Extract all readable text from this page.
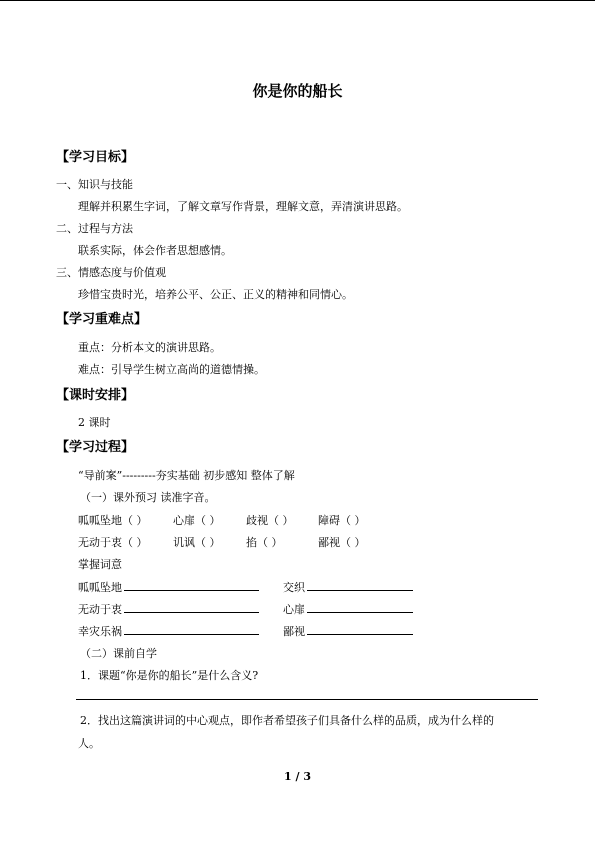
你是你的船长
【学习目标】
一、知识与技能
理解并积累生字词，了解文章写作背景，理解文意，弄清演讲思路。
二、过程与方法
联系实际，体会作者思想感情。
三、情感态度与价值观
珍惜宝贵时光，培养公平、公正、正义的精神和同情心。
【学习重难点】
重点：分析本文的演讲思路。
难点：引导学生树立高尚的道德情操。
【课时安排】
2 课时
【学习过程】
“导前案”---------夯实基础 初步感知 整体了解
（一）课外预习 读准字音。
呱呱坠地（ ） 心扉（ ） 歧视（ ） 障碍（ ）
无动于衷（ ） 讥讽（ ） 掐（ ）	鄙视（ ）
掌握词意
呱呱坠地	交织
无动于衷	心扉
幸灾乐祸	鄙视
（二）课前自学
1．课题“你是你的船长”是什么含义?
2．找出这篇演讲词的中心观点，即作者希望孩子们具备什么样的品质，成为什么样的
人。
1 / 3
